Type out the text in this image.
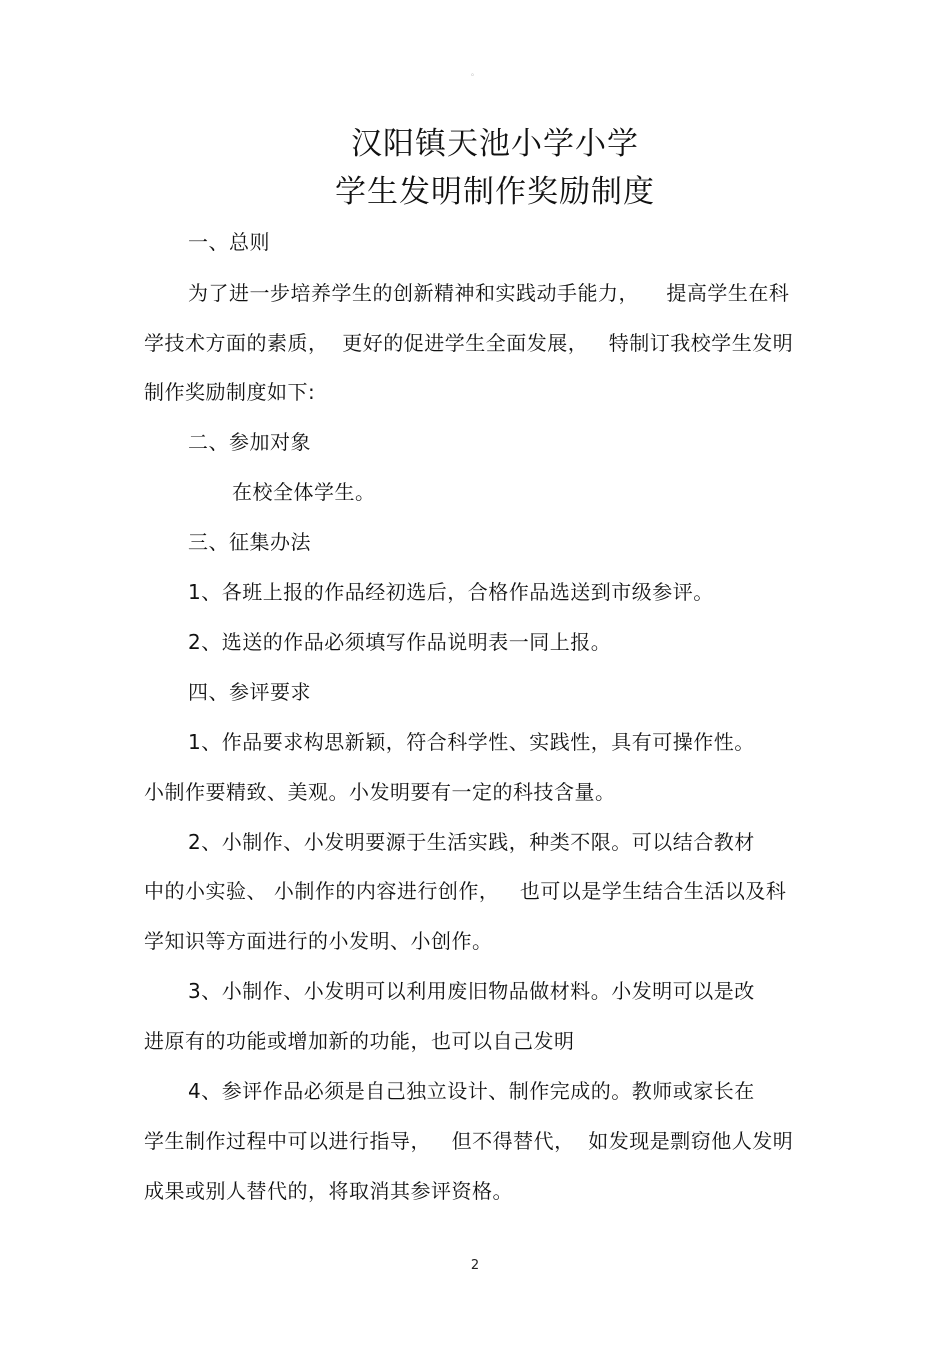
。
汉阳镇天池小学小学
学生发明制作奖励制度
一、总则
为了进一步培养学生的创新精神和实践动手能力，    提高学生在科
学技术方面的素质，  更好的促进学生全面发展，   特制订我校学生发明
制作奖励制度如下:
二、参加对象
在校全体学生。
三、征集办法
1、各班上报的作品经初选后，合格作品选送到市级参评。
2、选送的作品必须填写作品说明表一同上报。
四、参评要求
1、作品要求构思新颖，符合科学性、实践性，具有可操作性。
小制作要精致、美观。小发明要有一定的科技含量。
2、小制作、小发明要源于生活实践，种类不限。可以结合教材
中的小实验、 小制作的内容进行创作，   也可以是学生结合生活以及科
学知识等方面进行的小发明、小创作。
3、小制作、小发明可以利用废旧物品做材料。小发明可以是改
进原有的功能或增加新的功能，也可以自己发明
4、参评作品必须是自己独立设计、制作完成的。教师或家长在
学生制作过程中可以进行指导，   但不得替代，  如发现是剽窃他人发明
成果或别人替代的，将取消其参评资格。
2
